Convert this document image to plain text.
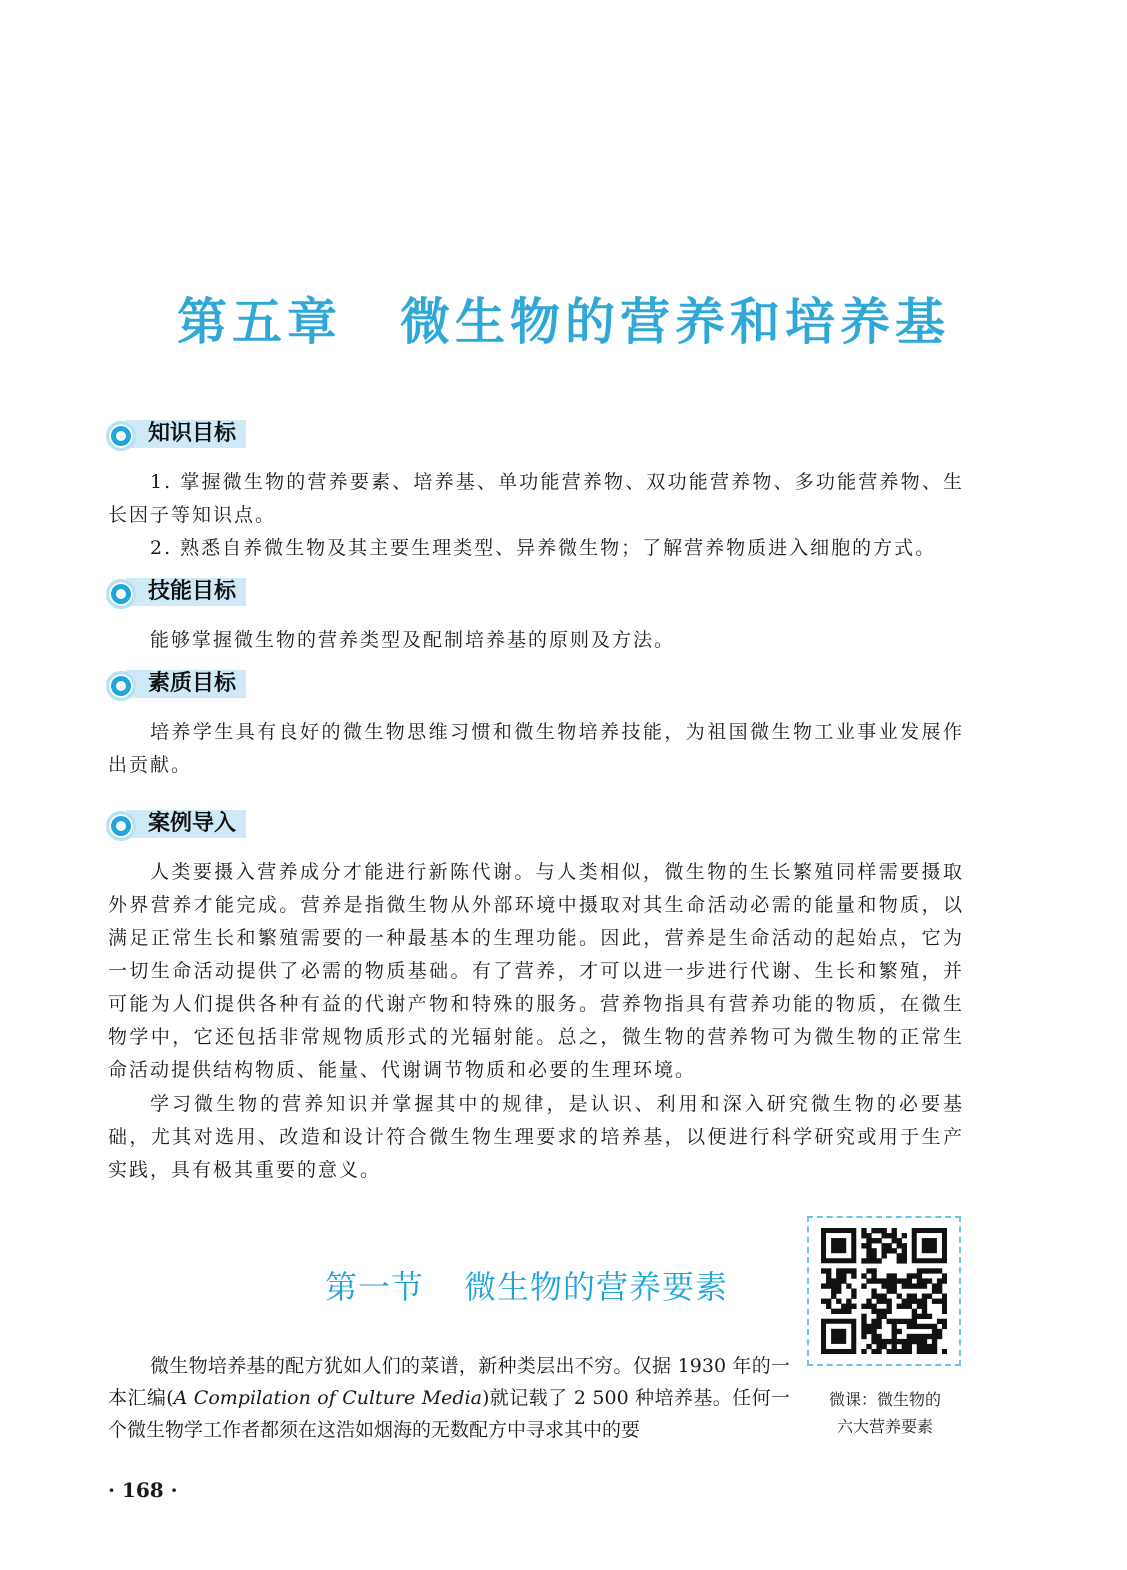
第五章 微生物的营养和培养基
知识目标

1. 掌握微生物的营养要素、培养基、单功能营养物、双功能营养物、多功能营养物、生长因子等知识点。

2. 熟悉自养微生物及其主要生理类型、异养微生物；了解营养物质进入细胞的方式。

技能目标

能够掌握微生物的营养类型及配制培养基的原则及方法。

素质目标

培养学生具有良好的微生物思维习惯和微生物培养技能，为祖国微生物工业事业发展作出贡献。

案例导入

人类要摄入营养成分才能进行新陈代谢。与人类相似，微生物的生长繁殖同样需要摄取外界营养才能完成。营养是指微生物从外部环境中摄取对其生命活动必需的能量和物质，以满足正常生长和繁殖需要的一种最基本的生理功能。因此，营养是生命活动的起始点，它为一切生命活动提供了必需的物质基础。有了营养，才可以进一步进行代谢、生长和繁殖，并可能为人们提供各种有益的代谢产物和特殊的服务。营养物指具有营养功能的物质，在微生物学中，它还包括非常规物质形式的光辐射能。总之，微生物的营养物可为微生物的正常生命活动提供结构物质、能量、代谢调节物质和必要的生理环境。

学习微生物的营养知识并掌握其中的规律，是认识、利用和深入研究微生物的必要基础，尤其对选用、改造和设计符合微生物生理要求的培养基，以便进行科学研究或用于生产实践，具有极其重要的意义。

第一节 微生物的营养要素

微生物培养基的配方犹如人们的菜谱，新种类层出不穷。仅据 1930 年的一本汇编(A Compilation of Culture Media)就记载了 2 500 种培养基。任何一个微生物学工作者都须在这浩如烟海的无数配方中寻求其中的要

微课：微生物的
六大营养要素
· 168 ·
